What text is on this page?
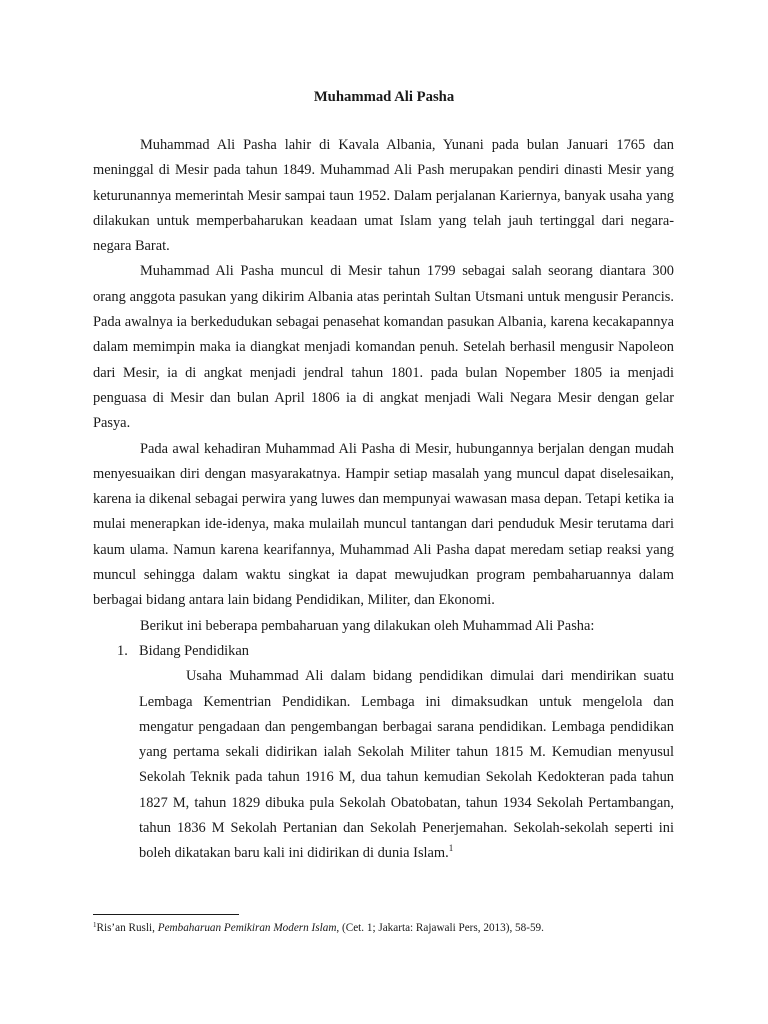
Muhammad Ali Pasha

Muhammad Ali Pasha lahir di Kavala Albania, Yunani pada bulan Januari 1765 dan meninggal di Mesir pada tahun 1849. Muhammad Ali Pash merupakan pendiri dinasti Mesir yang keturunannya memerintah Mesir sampai taun 1952. Dalam perjalanan Kariernya, banyak usaha yang dilakukan untuk memperbaharukan keadaan umat Islam yang telah jauh tertinggal dari negara-negara Barat.

Muhammad Ali Pasha muncul di Mesir tahun 1799 sebagai salah seorang diantara 300 orang anggota pasukan yang dikirim Albania atas perintah Sultan Utsmani untuk mengusir Perancis. Pada awalnya ia berkedudukan sebagai penasehat komandan pasukan Albania, karena kecakapannya dalam memimpin maka ia diangkat menjadi komandan penuh. Setelah berhasil mengusir Napoleon dari Mesir, ia di angkat menjadi jendral tahun 1801. pada bulan Nopember 1805 ia menjadi penguasa di Mesir dan bulan April 1806 ia di angkat menjadi Wali Negara Mesir dengan gelar Pasya.

Pada awal kehadiran Muhammad Ali Pasha di Mesir, hubungannya berjalan dengan mudah menyesuaikan diri dengan masyarakatnya. Hampir setiap masalah yang muncul dapat diselesaikan, karena ia dikenal sebagai perwira yang luwes dan mempunyai wawasan masa depan. Tetapi ketika ia mulai menerapkan ide-idenya, maka mulailah muncul tantangan dari penduduk Mesir terutama dari kaum ulama. Namun karena kearifannya, Muhammad Ali Pasha dapat meredam setiap reaksi yang muncul sehingga dalam waktu singkat ia dapat mewujudkan program pembaharuannya dalam berbagai bidang antara lain bidang Pendidikan, Militer, dan Ekonomi.

Berikut ini beberapa pembaharuan yang dilakukan oleh Muhammad Ali Pasha:

1. Bidang Pendidikan

Usaha Muhammad Ali dalam bidang pendidikan dimulai dari mendirikan suatu Lembaga Kementrian Pendidikan. Lembaga ini dimaksudkan untuk mengelola dan mengatur pengadaan dan pengembangan berbagai sarana pendidikan. Lembaga pendidikan yang pertama sekali didirikan ialah Sekolah Militer tahun 1815 M. Kemudian menyusul Sekolah Teknik pada tahun 1916 M, dua tahun kemudian Sekolah Kedokteran pada tahun 1827 M, tahun 1829 dibuka pula Sekolah Obatobatan, tahun 1934 Sekolah Pertambangan, tahun 1836 M Sekolah Pertanian dan Sekolah Penerjemahan. Sekolah-sekolah seperti ini boleh dikatakan baru kali ini didirikan di dunia Islam.$^1$

$^1$Ris’an Rusli, Pembaharuan Pemikiran Modern Islam, (Cet. 1; Jakarta: Rajawali Pers, 2013), 58-59.
